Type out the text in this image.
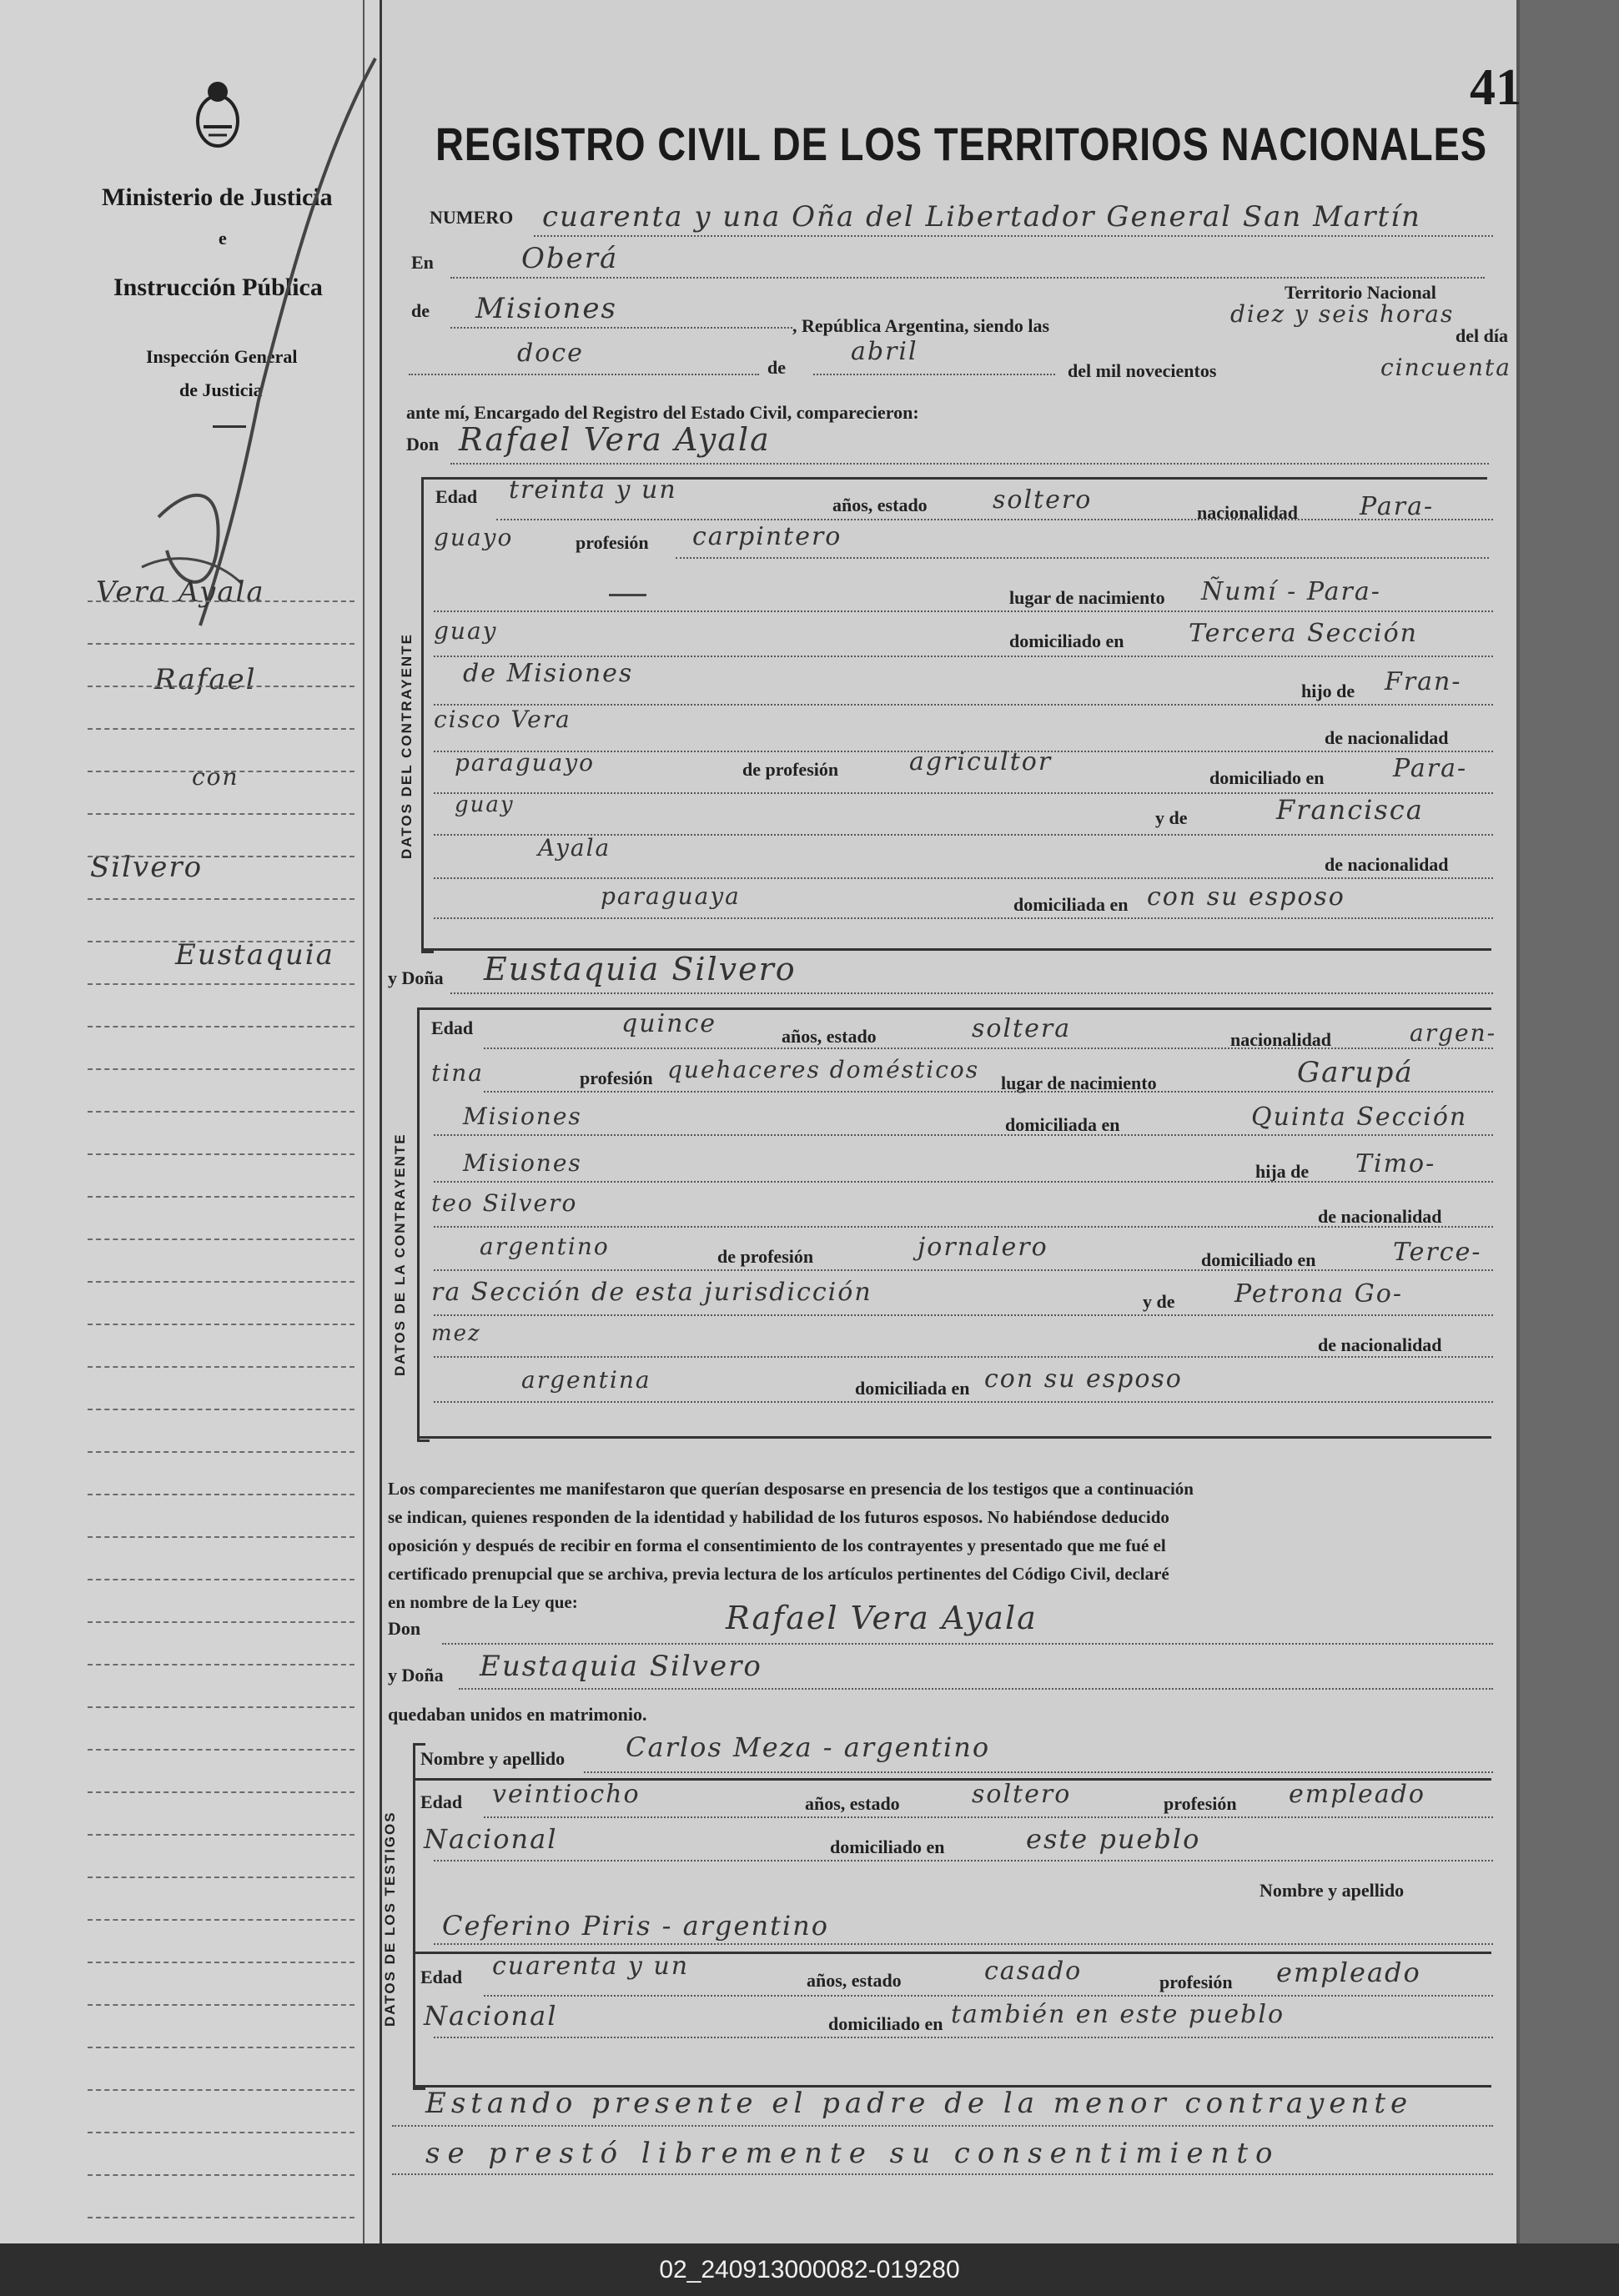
Ministerio de Justicia
e
Instrucción Pública
Inspección General
de Justicia
Vera Ayala
Rafael
con
Silvero
Eustaquia
41
REGISTRO CIVIL DE LOS TERRITORIOS NACIONALES
NUMERO cuarenta y una Oña del Libertador General San Martín
En	Oberá
Territorio Nacional
de Misiones
, República Argentina, siendo las	diez y seis horas
del día
doce	de
abril
del mil novecientos	cincuenta
ante mí, Encargado del Registro del Estado Civil, comparecieron:
Don Rafael Vera Ayala
DATOS DEL CONTRAYENTE
Edad treinta y un
años, estado	soltero	nacionalidad Para-
guayo	profesión carpintero
lugar de nacimiento Ñumí - Para-
guay	domiciliado en	Tercera Sección
de Misiones
hijo de Fran-
cisco Vera
de nacionalidad
paraguayo	de profesión	agricultor
domiciliado en	Para-
guay
y de	Francisca
Ayala
de nacionalidad
paraguaya	domiciliada en con su esposo
y Doña Eustaquia Silvero
DATOS DE LA CONTRAYENTE
Edad	quince	años, estado	soltera	nacionalidad	argen-
tina	profesión quehaceres domésticos lugar de nacimiento	Garupá
Misiones	domiciliada en	Quinta Sección
Misiones	hija de Timo-
teo Silvero	de nacionalidad
argentino	de profesión	jornalero	domiciliado en	Terce-
ra Sección de esta jurisdicción	y de Petrona Go-
mez	de nacionalidad
argentina	domiciliada en con su esposo
Los comparecientes me manifestaron que querían desposarse en presencia de los testigos que a continuación
se indican, quienes responden de la identidad y habilidad de los futuros esposos. No habiéndose deducido
oposición y después de recibir en forma el consentimiento de los contrayentes y presentado que me fué el
certificado prenupcial que se archiva, previa lectura de los artículos pertinentes del Código Civil, declaré
en nombre de la Ley que:
Don	Rafael Vera Ayala
y Doña Eustaquia Silvero
quedaban unidos en matrimonio.
DATOS DE LOS TESTIGOS
Nombre y apellido Carlos Meza - argentino
Edad veintiocho	años, estado	soltero	profesión empleado
Nacional	domiciliado en	este pueblo
Nombre y apellido
Ceferino Piris - argentino
Edad cuarenta y un	años, estado	casado	profesión empleado
Nacional	domiciliado en también en este pueblo
Estando presente el padre de la menor contrayente
se prestó libremente su consentimiento
02_240913000082-019280
